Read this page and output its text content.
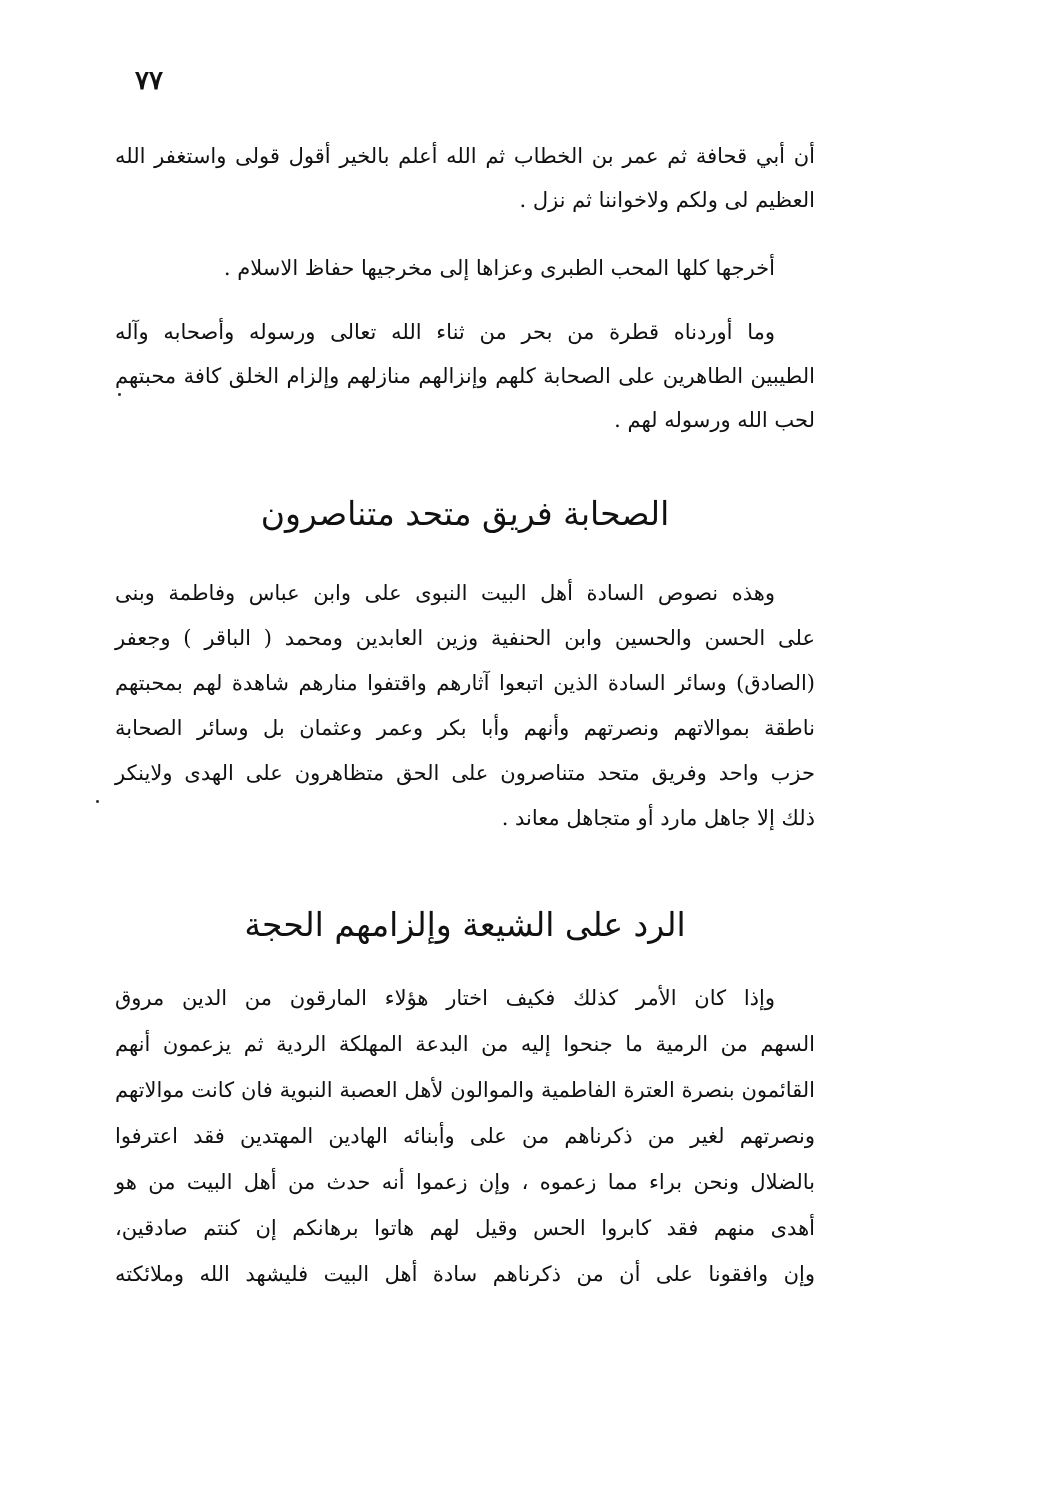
٧٧
أن أبي قحافة ثم عمر بن الخطاب ثم الله أعلم بالخير أقول قولى واستغفر الله
العظيم لى ولكم ولاخواننا ثم نزل .
أخرجها كلها المحب الطبرى وعزاها إلى مخرجيها حفاظ الاسلام .
وما أوردناه قطرة من بحر من ثناء الله تعالى ورسوله وأصحابه وآله
الطيبين الطاهرين على الصحابة كلهم وإنزالهم منازلهم وإلزام الخلق كافة محبتهم
لحب الله ورسوله لهم .
الصحابة فريق متحد متناصرون
وهذه نصوص السادة أهل البيت النبوى على وابن عباس وفاطمة وبنى
على الحسن والحسين وابن الحنفية وزين العابدين ومحمد ( الباقر ) وجعفر
(الصادق) وسائر السادة الذين اتبعوا آثارهم واقتفوا منارهم شاهدة لهم بمحبتهم
ناطقة بموالاتهم ونصرتهم وأنهم وأبا بكر وعمر وعثمان بل وسائر الصحابة
حزب واحد وفريق متحد متناصرون على الحق متظاهرون على الهدى ولاينكر
ذلك إلا جاهل مارد أو متجاهل معاند .
الرد على الشيعة وإلزامهم الحجة
وإذا كان الأمر كذلك فكيف اختار هؤلاء المارقون من الدين مروق
السهم من الرمية ما جنحوا إليه من البدعة المهلكة الردية ثم يزعمون أنهم
القائمون بنصرة العترة الفاطمية والموالون لأهل العصبة النبوية فان كانت موالاتهم
ونصرتهم لغير من ذكرناهم من على وأبنائه الهادين المهتدين فقد اعترفوا
بالضلال ونحن براء مما زعموه ، وإن زعموا أنه حدث من أهل البيت من هو
أهدى منهم فقد كابروا الحس وقيل لهم هاتوا برهانكم إن كنتم صادقين،
وإن وافقونا على أن من ذكرناهم سادة أهل البيت فليشهد الله وملائكته
